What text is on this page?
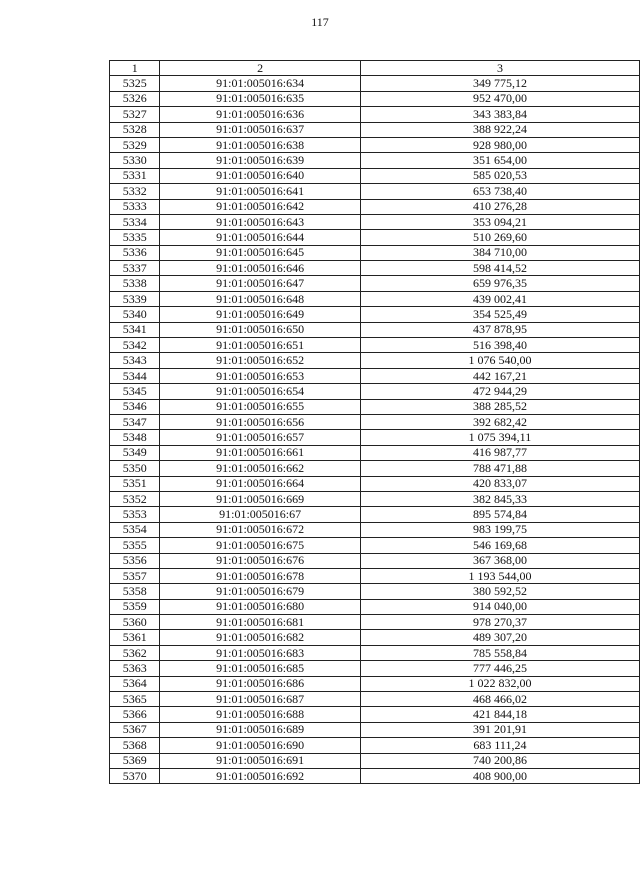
117
1	2	3
5325	91:01:005016:634	349 775,12
5326	91:01:005016:635	952 470,00
5327	91:01:005016:636	343 383,84
5328	91:01:005016:637	388 922,24
5329	91:01:005016:638	928 980,00
5330	91:01:005016:639	351 654,00
5331	91:01:005016:640	585 020,53
5332	91:01:005016:641	653 738,40
5333	91:01:005016:642	410 276,28
5334	91:01:005016:643	353 094,21
5335	91:01:005016:644	510 269,60
5336	91:01:005016:645	384 710,00
5337	91:01:005016:646	598 414,52
5338	91:01:005016:647	659 976,35
5339	91:01:005016:648	439 002,41
5340	91:01:005016:649	354 525,49
5341	91:01:005016:650	437 878,95
5342	91:01:005016:651	516 398,40
5343	91:01:005016:652	1 076 540,00
5344	91:01:005016:653	442 167,21
5345	91:01:005016:654	472 944,29
5346	91:01:005016:655	388 285,52
5347	91:01:005016:656	392 682,42
5348	91:01:005016:657	1 075 394,11
5349	91:01:005016:661	416 987,77
5350	91:01:005016:662	788 471,88
5351	91:01:005016:664	420 833,07
5352	91:01:005016:669	382 845,33
5353	91:01:005016:67	895 574,84
5354	91:01:005016:672	983 199,75
5355	91:01:005016:675	546 169,68
5356	91:01:005016:676	367 368,00
5357	91:01:005016:678	1 193 544,00
5358	91:01:005016:679	380 592,52
5359	91:01:005016:680	914 040,00
5360	91:01:005016:681	978 270,37
5361	91:01:005016:682	489 307,20
5362	91:01:005016:683	785 558,84
5363	91:01:005016:685	777 446,25
5364	91:01:005016:686	1 022 832,00
5365	91:01:005016:687	468 466,02
5366	91:01:005016:688	421 844,18
5367	91:01:005016:689	391 201,91
5368	91:01:005016:690	683 111,24
5369	91:01:005016:691	740 200,86
5370	91:01:005016:692	408 900,00
